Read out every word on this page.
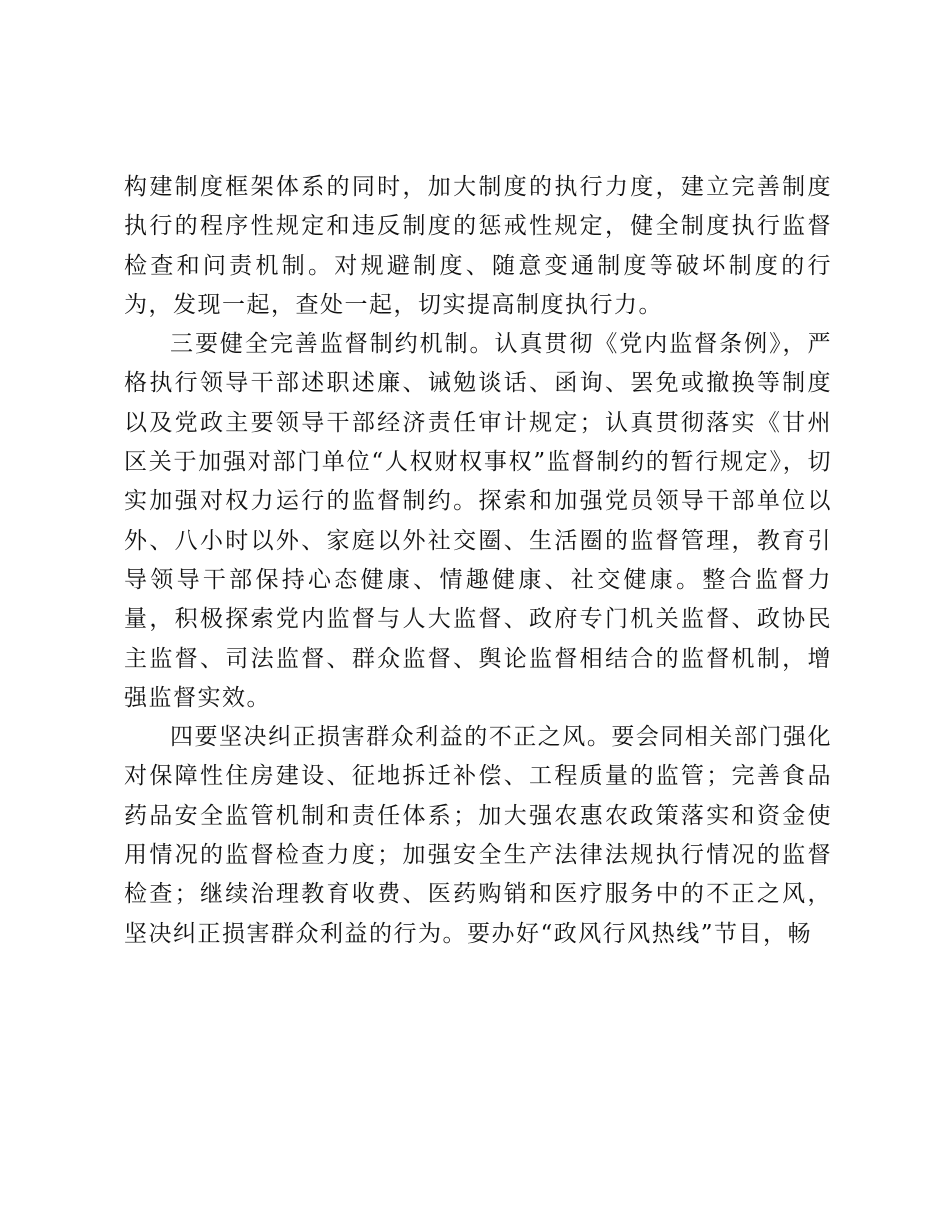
构建制度框架体系的同时，加大制度的执行力度，建立完善制度执行的程序性规定和违反制度的惩戒性规定，健全制度执行监督检查和问责机制。对规避制度、随意变通制度等破坏制度的行为，发现一起，查处一起，切实提高制度执行力。

三要健全完善监督制约机制。认真贯彻《党内监督条例》，严格执行领导干部述职述廉、诫勉谈话、函询、罢免或撤换等制度以及党政主要领导干部经济责任审计规定；认真贯彻落实《甘州区关于加强对部门单位“人权财权事权”监督制约的暂行规定》，切实加强对权力运行的监督制约。探索和加强党员领导干部单位以外、八小时以外、家庭以外社交圈、生活圈的监督管理，教育引导领导干部保持心态健康、情趣健康、社交健康。整合监督力量，积极探索党内监督与人大监督、政府专门机关监督、政协民主监督、司法监督、群众监督、舆论监督相结合的监督机制，增强监督实效。

四要坚决纠正损害群众利益的不正之风。要会同相关部门强化对保障性住房建设、征地拆迁补偿、工程质量的监管；完善食品药品安全监管机制和责任体系；加大强农惠农政策落实和资金使用情况的监督检查力度；加强安全生产法律法规执行情况的监督检查；继续治理教育收费、医药购销和医疗服务中的不正之风，坚决纠正损害群众利益的行为。要办好“政风行风热线”节目，畅
